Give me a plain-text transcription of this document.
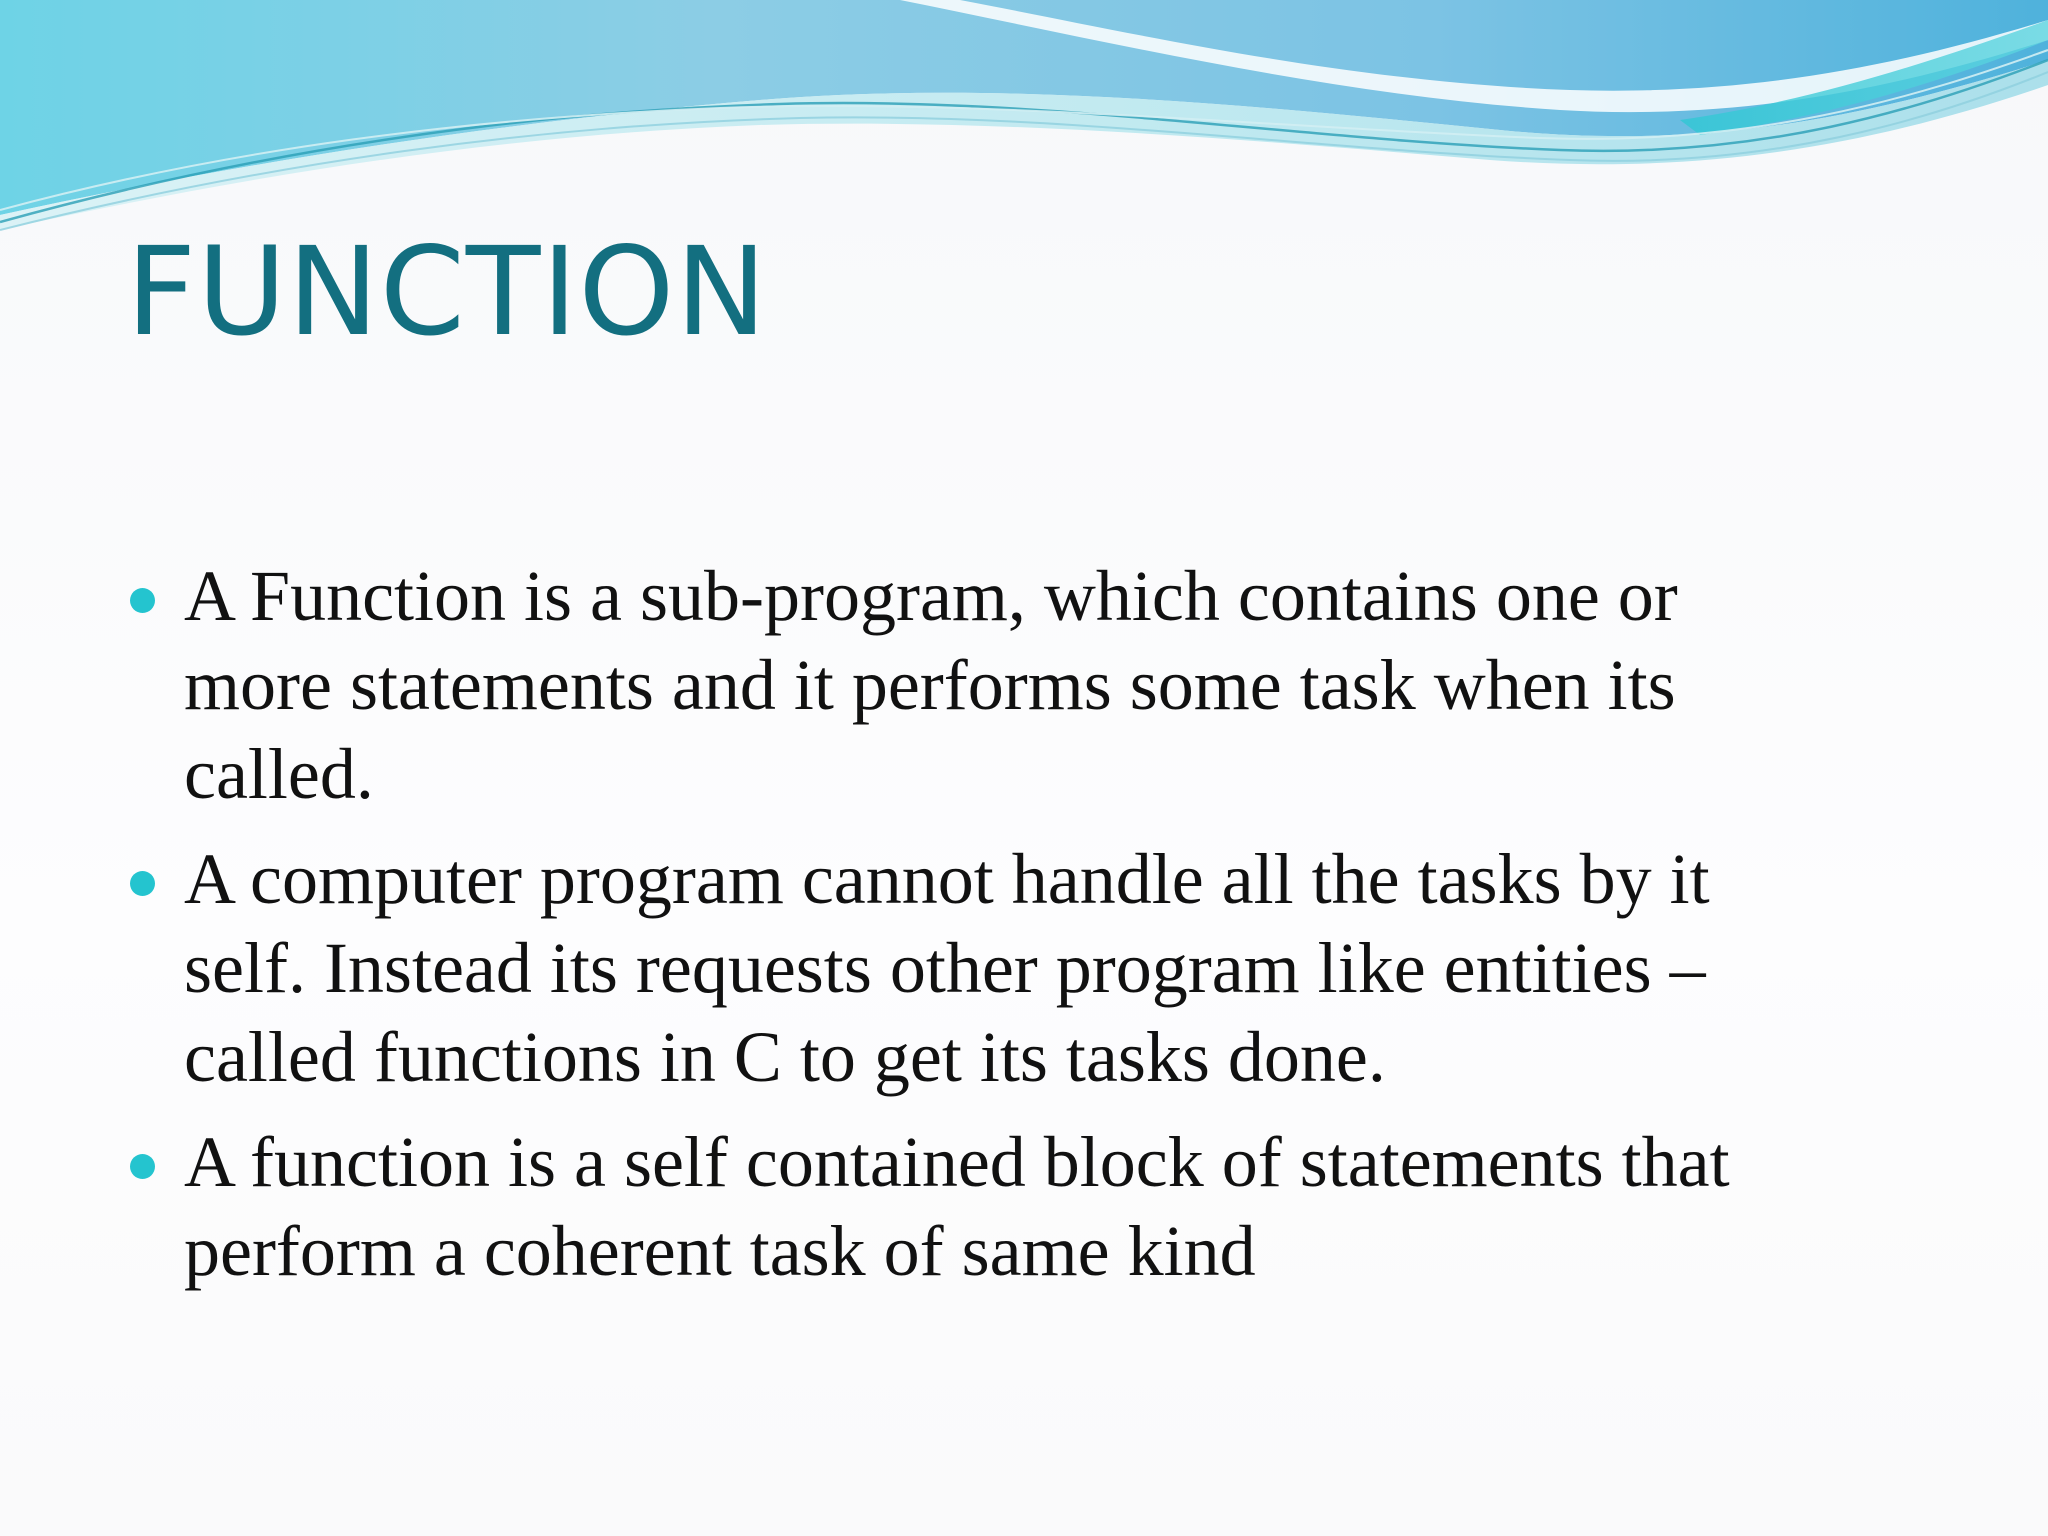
FUNCTION
A Function is a sub-program, which contains one or
more statements and it performs some task when its
called.
A computer program cannot handle all the tasks by it
self. Instead its requests other program like entities –
called functions in C to get its tasks done.
A function is a self contained block of statements that
perform a coherent task of same kind
